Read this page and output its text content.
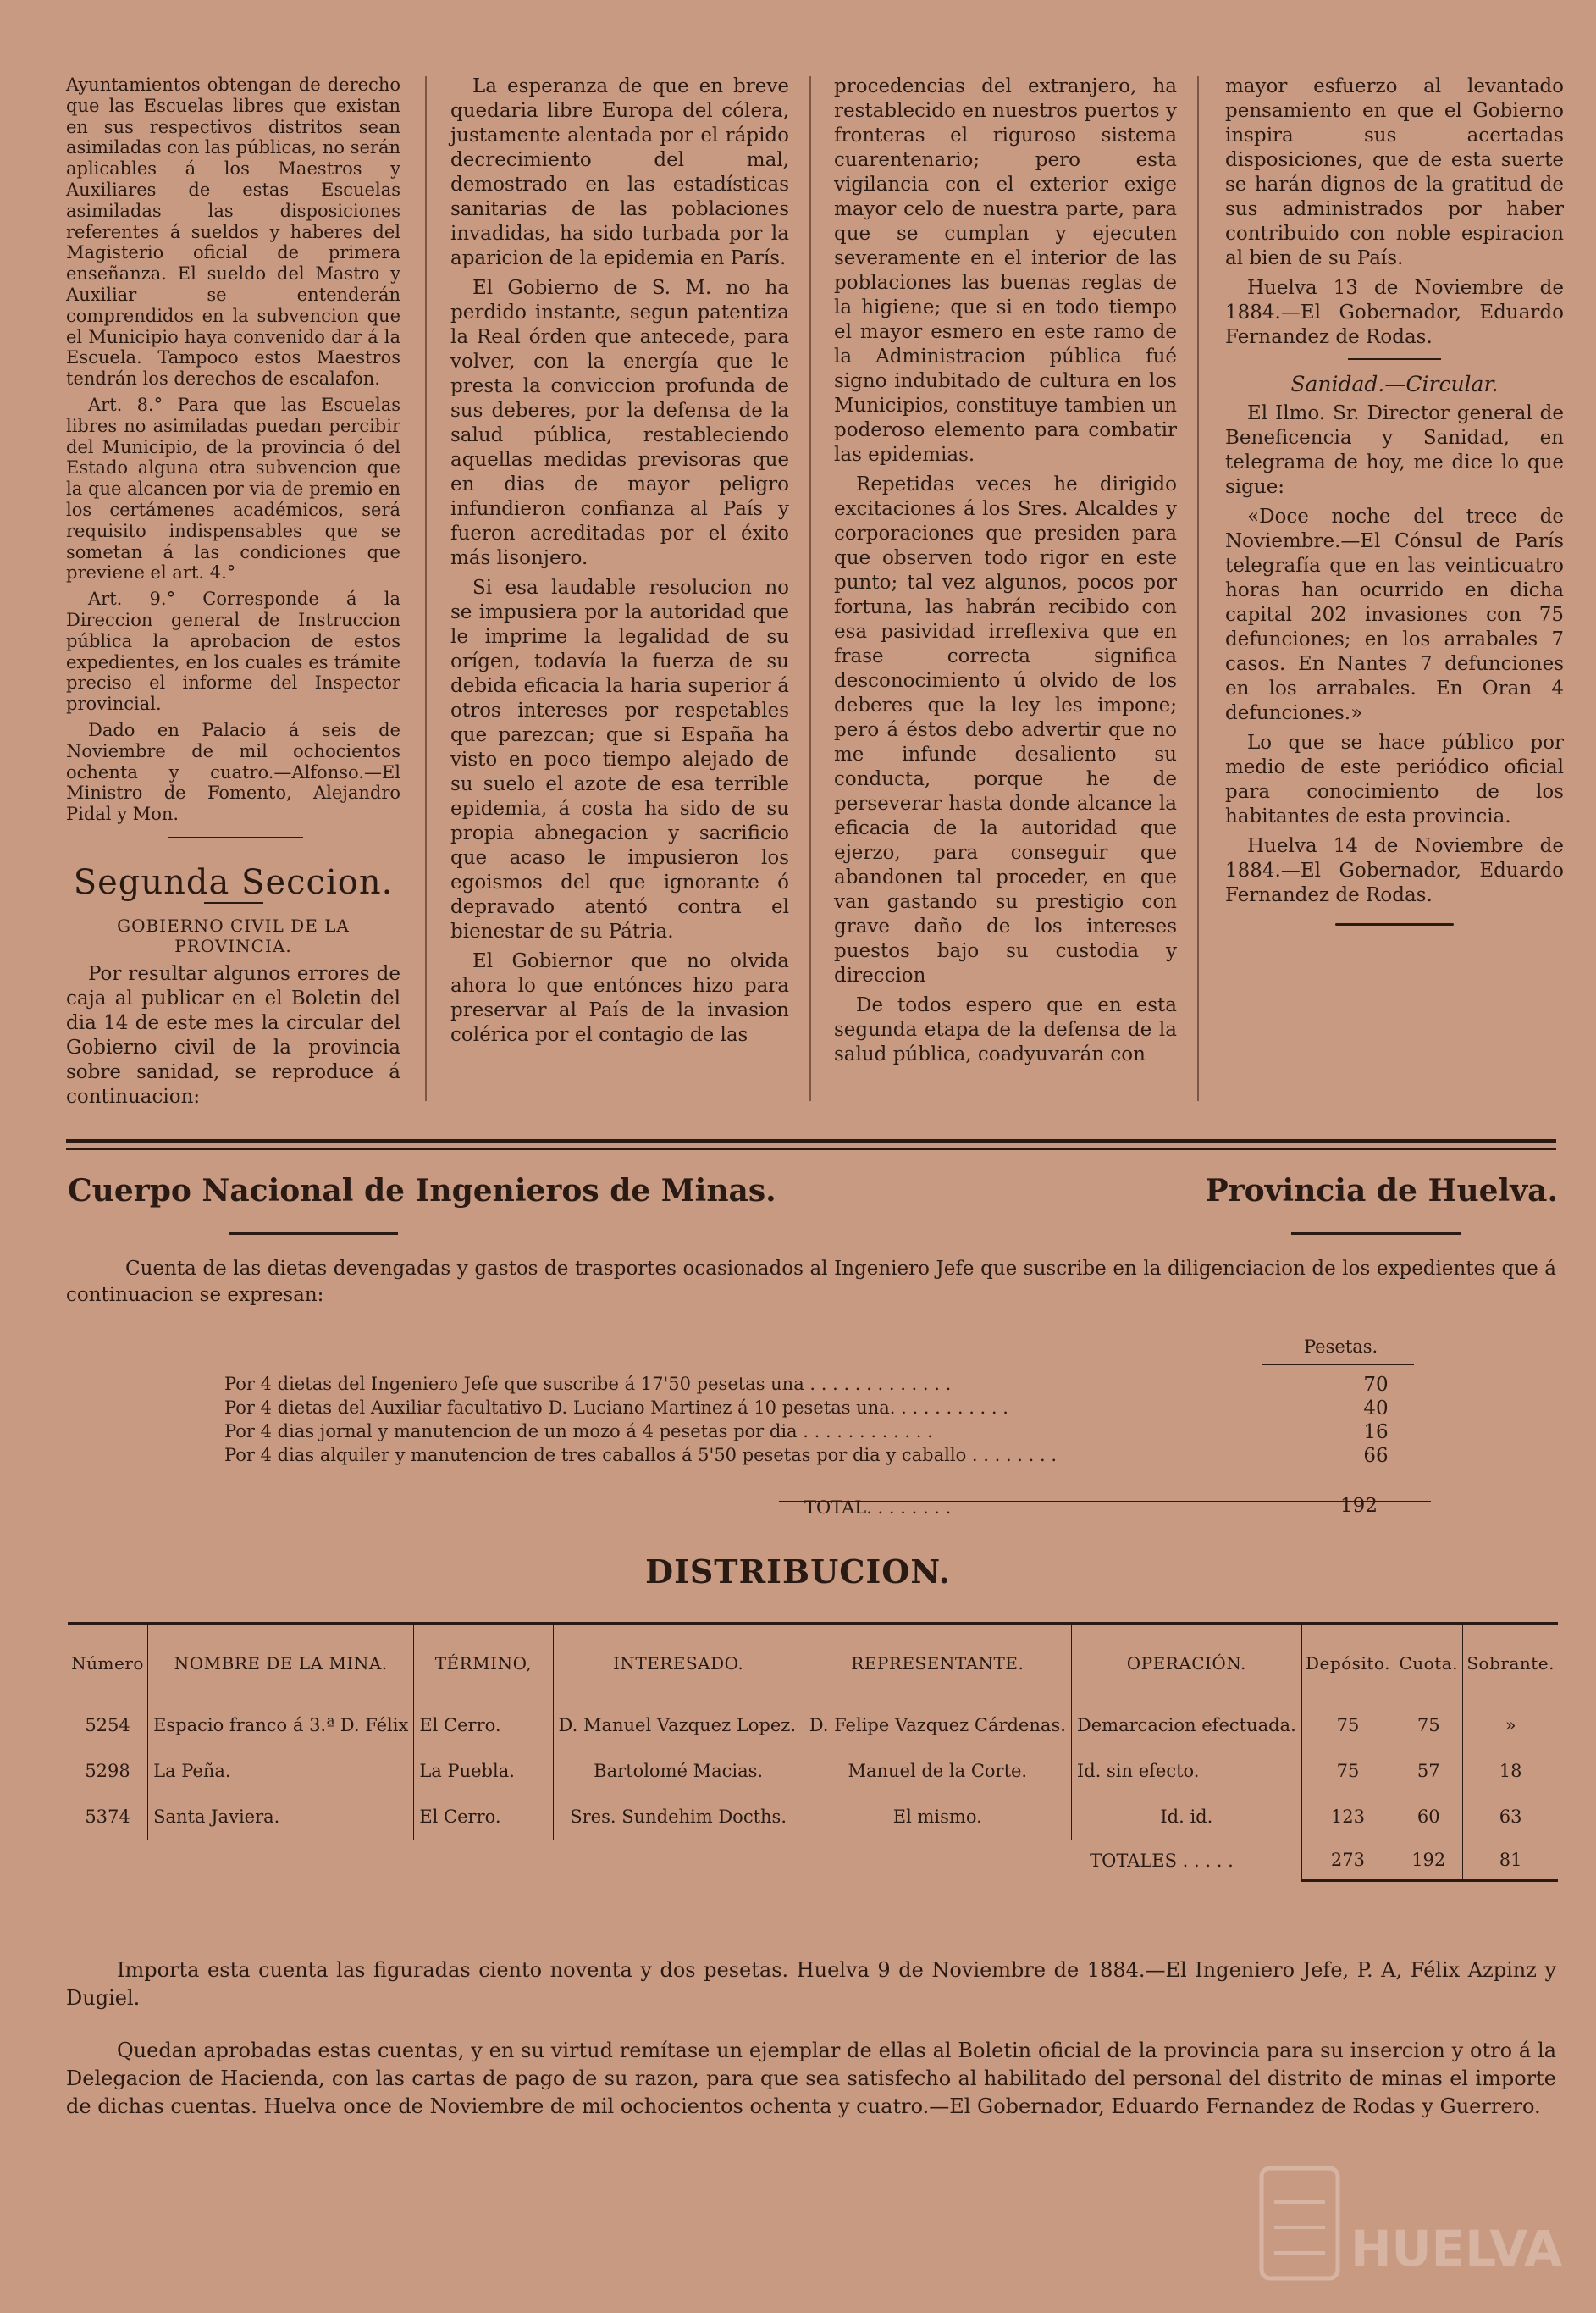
Ayuntamientos obtengan de derecho que las Escuelas libres que existan en sus respectivos distritos sean asimiladas con las públicas, no serán aplicables á los Maestros y Auxiliares de estas Escuelas asimiladas las disposiciones referentes á sueldos y haberes del Magisterio oficial de primera enseñanza. El sueldo del Mastro y Auxiliar se entenderán comprendidos en la subvencion que el Municipio haya convenido dar á la Escuela. Tampoco estos Maestros tendrán los derechos de escalafon.

Art. 8.° Para que las Escuelas libres no asimiladas puedan percibir del Municipio, de la provincia ó del Estado alguna otra subvencion que la que alcancen por via de premio en los certámenes académicos, será requisito indispensables que se sometan á las condiciones que previene el art. 4.°

Art. 9.° Corresponde á la Direccion general de Instruccion pública la aprobacion de estos expedientes, en los cuales es trámite preciso el informe del Inspector provincial.

Dado en Palacio á seis de Noviembre de mil ochocientos ochenta y cuatro.—Alfonso.—El Ministro de Fomento, Alejandro Pidal y Mon.

Segunda Seccion.

GOBIERNO CIVIL DE LA PROVINCIA.

Por resultar algunos errores de caja al publicar en el Boletin del dia 14 de este mes la circular del Gobierno civil de la provincia sobre sanidad, se reproduce á continuacion:

La esperanza de que en breve quedaria libre Europa del cólera, justamente alentada por el rápido decrecimiento del mal, demostrado en las estadísticas sanitarias de las poblaciones invadidas, ha sido turbada por la aparicion de la epidemia en París.

El Gobierno de S. M. no ha perdido instante, segun patentiza la Real órden que antecede, para volver, con la energía que le presta la conviccion profunda de sus deberes, por la defensa de la salud pública, restableciendo aquellas medidas previsoras que en dias de mayor peligro infundieron confianza al País y fueron acreditadas por el éxito más lisonjero.

Si esa laudable resolucion no se impusiera por la autoridad que le imprime la legalidad de su orígen, todavía la fuerza de su debida eficacia la haria superior á otros intereses por respetables que parezcan; que si España ha visto en poco tiempo alejado de su suelo el azote de esa terrible epidemia, á costa ha sido de su propia abnegacion y sacrificio que acaso le impusieron los egoismos del que ignorante ó depravado atentó contra el bienestar de su Pátria.

El Gobiernor que no olvida ahora lo que entónces hizo para preservar al País de la invasion colérica por el contagio de las

procedencias del extranjero, ha restablecido en nuestros puertos y fronteras el riguroso sistema cuarentenario; pero esta vigilancia con el exterior exige mayor celo de nuestra parte, para que se cumplan y ejecuten severamente en el interior de las poblaciones las buenas reglas de la higiene; que si en todo tiempo el mayor esmero en este ramo de la Administracion pública fué signo indubitado de cultura en los Municipios, constituye tambien un poderoso elemento para combatir las epidemias.

Repetidas veces he dirigido excitaciones á los Sres. Alcaldes y corporaciones que presiden para que observen todo rigor en este punto; tal vez algunos, pocos por fortuna, las habrán recibido con esa pasividad irreflexiva que en frase correcta significa desconocimiento ú olvido de los deberes que la ley les impone; pero á éstos debo advertir que no me infunde desaliento su conducta, porque he de perseverar hasta donde alcance la eficacia de la autoridad que ejerzo, para conseguir que abandonen tal proceder, en que van gastando su prestigio con grave daño de los intereses puestos bajo su custodia y direccion

De todos espero que en esta segunda etapa de la defensa de la salud pública, coadyuvarán con

mayor esfuerzo al levantado pensamiento en que el Gobierno inspira sus acertadas disposiciones, que de esta suerte se harán dignos de la gratitud de sus administrados por haber contribuido con noble espiracion al bien de su País.

Huelva 13 de Noviembre de 1884.—El Gobernador, Eduardo Fernandez de Rodas.

Sanidad.—Circular.

El Ilmo. Sr. Director general de Beneficencia y Sanidad, en telegrama de hoy, me dice lo que sigue:

«Doce noche del trece de Noviembre.—El Cónsul de París telegrafía que en las veinticuatro horas han ocurrido en dicha capital 202 invasiones con 75 defunciones; en los arrabales 7 casos. En Nantes 7 defunciones en los arrabales. En Oran 4 defunciones.»

Lo que se hace público por medio de este periódico oficial para conocimiento de los habitantes de esta provincia.

Huelva 14 de Noviembre de 1884.—El Gobernador, Eduardo Fernandez de Rodas.

Cuerpo Nacional de Ingenieros de Minas.	Provincia de Huelva.

Cuenta de las dietas devengadas y gastos de trasportes ocasionados al Ingeniero Jefe que suscribe en la diligenciacion de los expedientes que á continuacion se expresan:

Pesetas.
Por 4 dietas del Ingeniero Jefe que suscribe á 17'50 pesetas una . . . . . . . . . . . . .	70
Por 4 dietas del Auxiliar facultativo D. Luciano Martinez á 10 pesetas una. . . . . . . . . . .	40
Por 4 dias jornal y manutencion de un mozo á 4 pesetas por dia . . . . . . . . . . . .	16
Por 4 dias alquiler y manutencion de tres caballos á 5'50 pesetas por dia y caballo . . . . . . . .	66
TOTAL. . . . . . . .	192
DISTRIBUCION.
Número	NOMBRE DE LA MINA.	TÉRMINO,	INTERESADO.	REPRESENTANTE.	OPERACIÓN.	Depósito.	Cuota.	Sobrante.
5254	Espacio franco á 3.ª D. Félix	El Cerro.	D. Manuel Vazquez Lopez.	D. Felipe Vazquez Cárdenas.	Demarcacion efectuada.	75	75	»
5298	La Peña.	La Puebla.	Bartolomé Macias.	Manuel de la Corte.	Id. sin efecto.	75	57	18
5374	Santa Javiera.	El Cerro.	Sres. Sundehim Docths.	El mismo.	Id. id.	123	60	63
TOTALES . . . . .						273	192	81

Importa esta cuenta las figuradas ciento noventa y dos pesetas. Huelva 9 de Noviembre de 1884.—El Ingeniero Jefe, P. A, Félix Azpinz y Dugiel.

Quedan aprobadas estas cuentas, y en su virtud remítase un ejemplar de ellas al Boletin oficial de la provincia para su insercion y otro á la Delegacion de Hacienda, con las cartas de pago de su razon, para que sea satisfecho al habilitado del personal del distrito de minas el importe de dichas cuentas. Huelva once de Noviembre de mil ochocientos ochenta y cuatro.—El Gobernador, Eduardo Fernandez de Rodas y Guerrero.

HUELVA
